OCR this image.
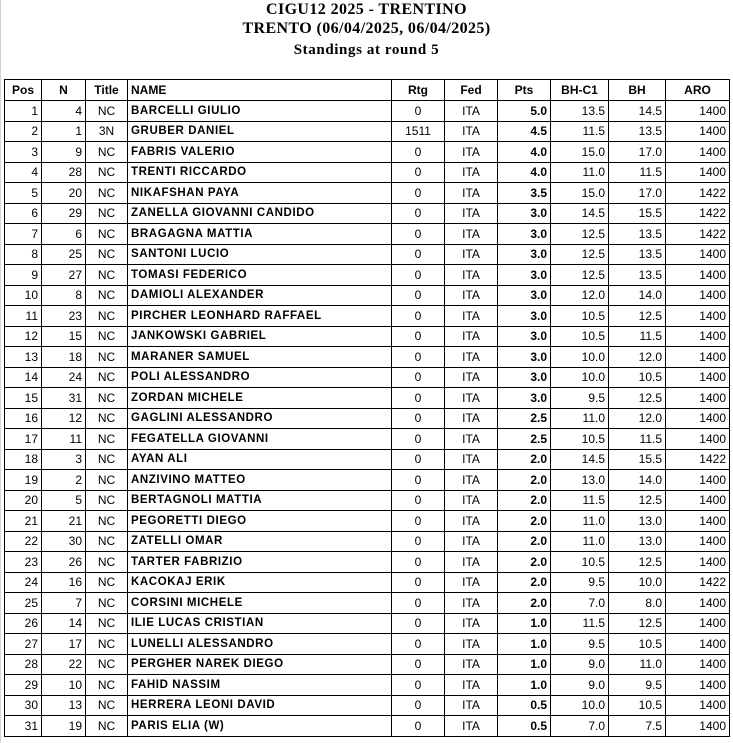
CIGU12 2025 - TRENTINO
TRENTO (06/04/2025, 06/04/2025)
Standings at round 5
Pos	N	Title	NAME	Rtg	Fed	Pts	BH-C1	BH	ARO
1	4	NC	BARCELLI GIULIO	0	ITA	5.0	13.5	14.5	1400
2	1	3N	GRUBER DANIEL	1511	ITA	4.5	11.5	13.5	1400
3	9	NC	FABRIS VALERIO	0	ITA	4.0	15.0	17.0	1400
4	28	NC	TRENTI RICCARDO	0	ITA	4.0	11.0	11.5	1400
5	20	NC	NIKAFSHAN PAYA	0	ITA	3.5	15.0	17.0	1422
6	29	NC	ZANELLA GIOVANNI CANDIDO	0	ITA	3.0	14.5	15.5	1422
7	6	NC	BRAGAGNA MATTIA	0	ITA	3.0	12.5	13.5	1422
8	25	NC	SANTONI LUCIO	0	ITA	3.0	12.5	13.5	1400
9	27	NC	TOMASI FEDERICO	0	ITA	3.0	12.5	13.5	1400
10	8	NC	DAMIOLI ALEXANDER	0	ITA	3.0	12.0	14.0	1400
11	23	NC	PIRCHER LEONHARD RAFFAEL	0	ITA	3.0	10.5	12.5	1400
12	15	NC	JANKOWSKI GABRIEL	0	ITA	3.0	10.5	11.5	1400
13	18	NC	MARANER SAMUEL	0	ITA	3.0	10.0	12.0	1400
14	24	NC	POLI ALESSANDRO	0	ITA	3.0	10.0	10.5	1400
15	31	NC	ZORDAN MICHELE	0	ITA	3.0	9.5	12.5	1400
16	12	NC	GAGLINI ALESSANDRO	0	ITA	2.5	11.0	12.0	1400
17	11	NC	FEGATELLA GIOVANNI	0	ITA	2.5	10.5	11.5	1400
18	3	NC	AYAN ALI	0	ITA	2.0	14.5	15.5	1422
19	2	NC	ANZIVINO MATTEO	0	ITA	2.0	13.0	14.0	1400
20	5	NC	BERTAGNOLI MATTIA	0	ITA	2.0	11.5	12.5	1400
21	21	NC	PEGORETTI DIEGO	0	ITA	2.0	11.0	13.0	1400
22	30	NC	ZATELLI OMAR	0	ITA	2.0	11.0	13.0	1400
23	26	NC	TARTER FABRIZIO	0	ITA	2.0	10.5	12.5	1400
24	16	NC	KACOKAJ ERIK	0	ITA	2.0	9.5	10.0	1422
25	7	NC	CORSINI MICHELE	0	ITA	2.0	7.0	8.0	1400
26	14	NC	ILIE LUCAS CRISTIAN	0	ITA	1.0	11.5	12.5	1400
27	17	NC	LUNELLI ALESSANDRO	0	ITA	1.0	9.5	10.5	1400
28	22	NC	PERGHER NAREK DIEGO	0	ITA	1.0	9.0	11.0	1400
29	10	NC	FAHID NASSIM	0	ITA	1.0	9.0	9.5	1400
30	13	NC	HERRERA LEONI DAVID	0	ITA	0.5	10.0	10.5	1400
31	19	NC	PARIS ELIA (W)	0	ITA	0.5	7.0	7.5	1400
